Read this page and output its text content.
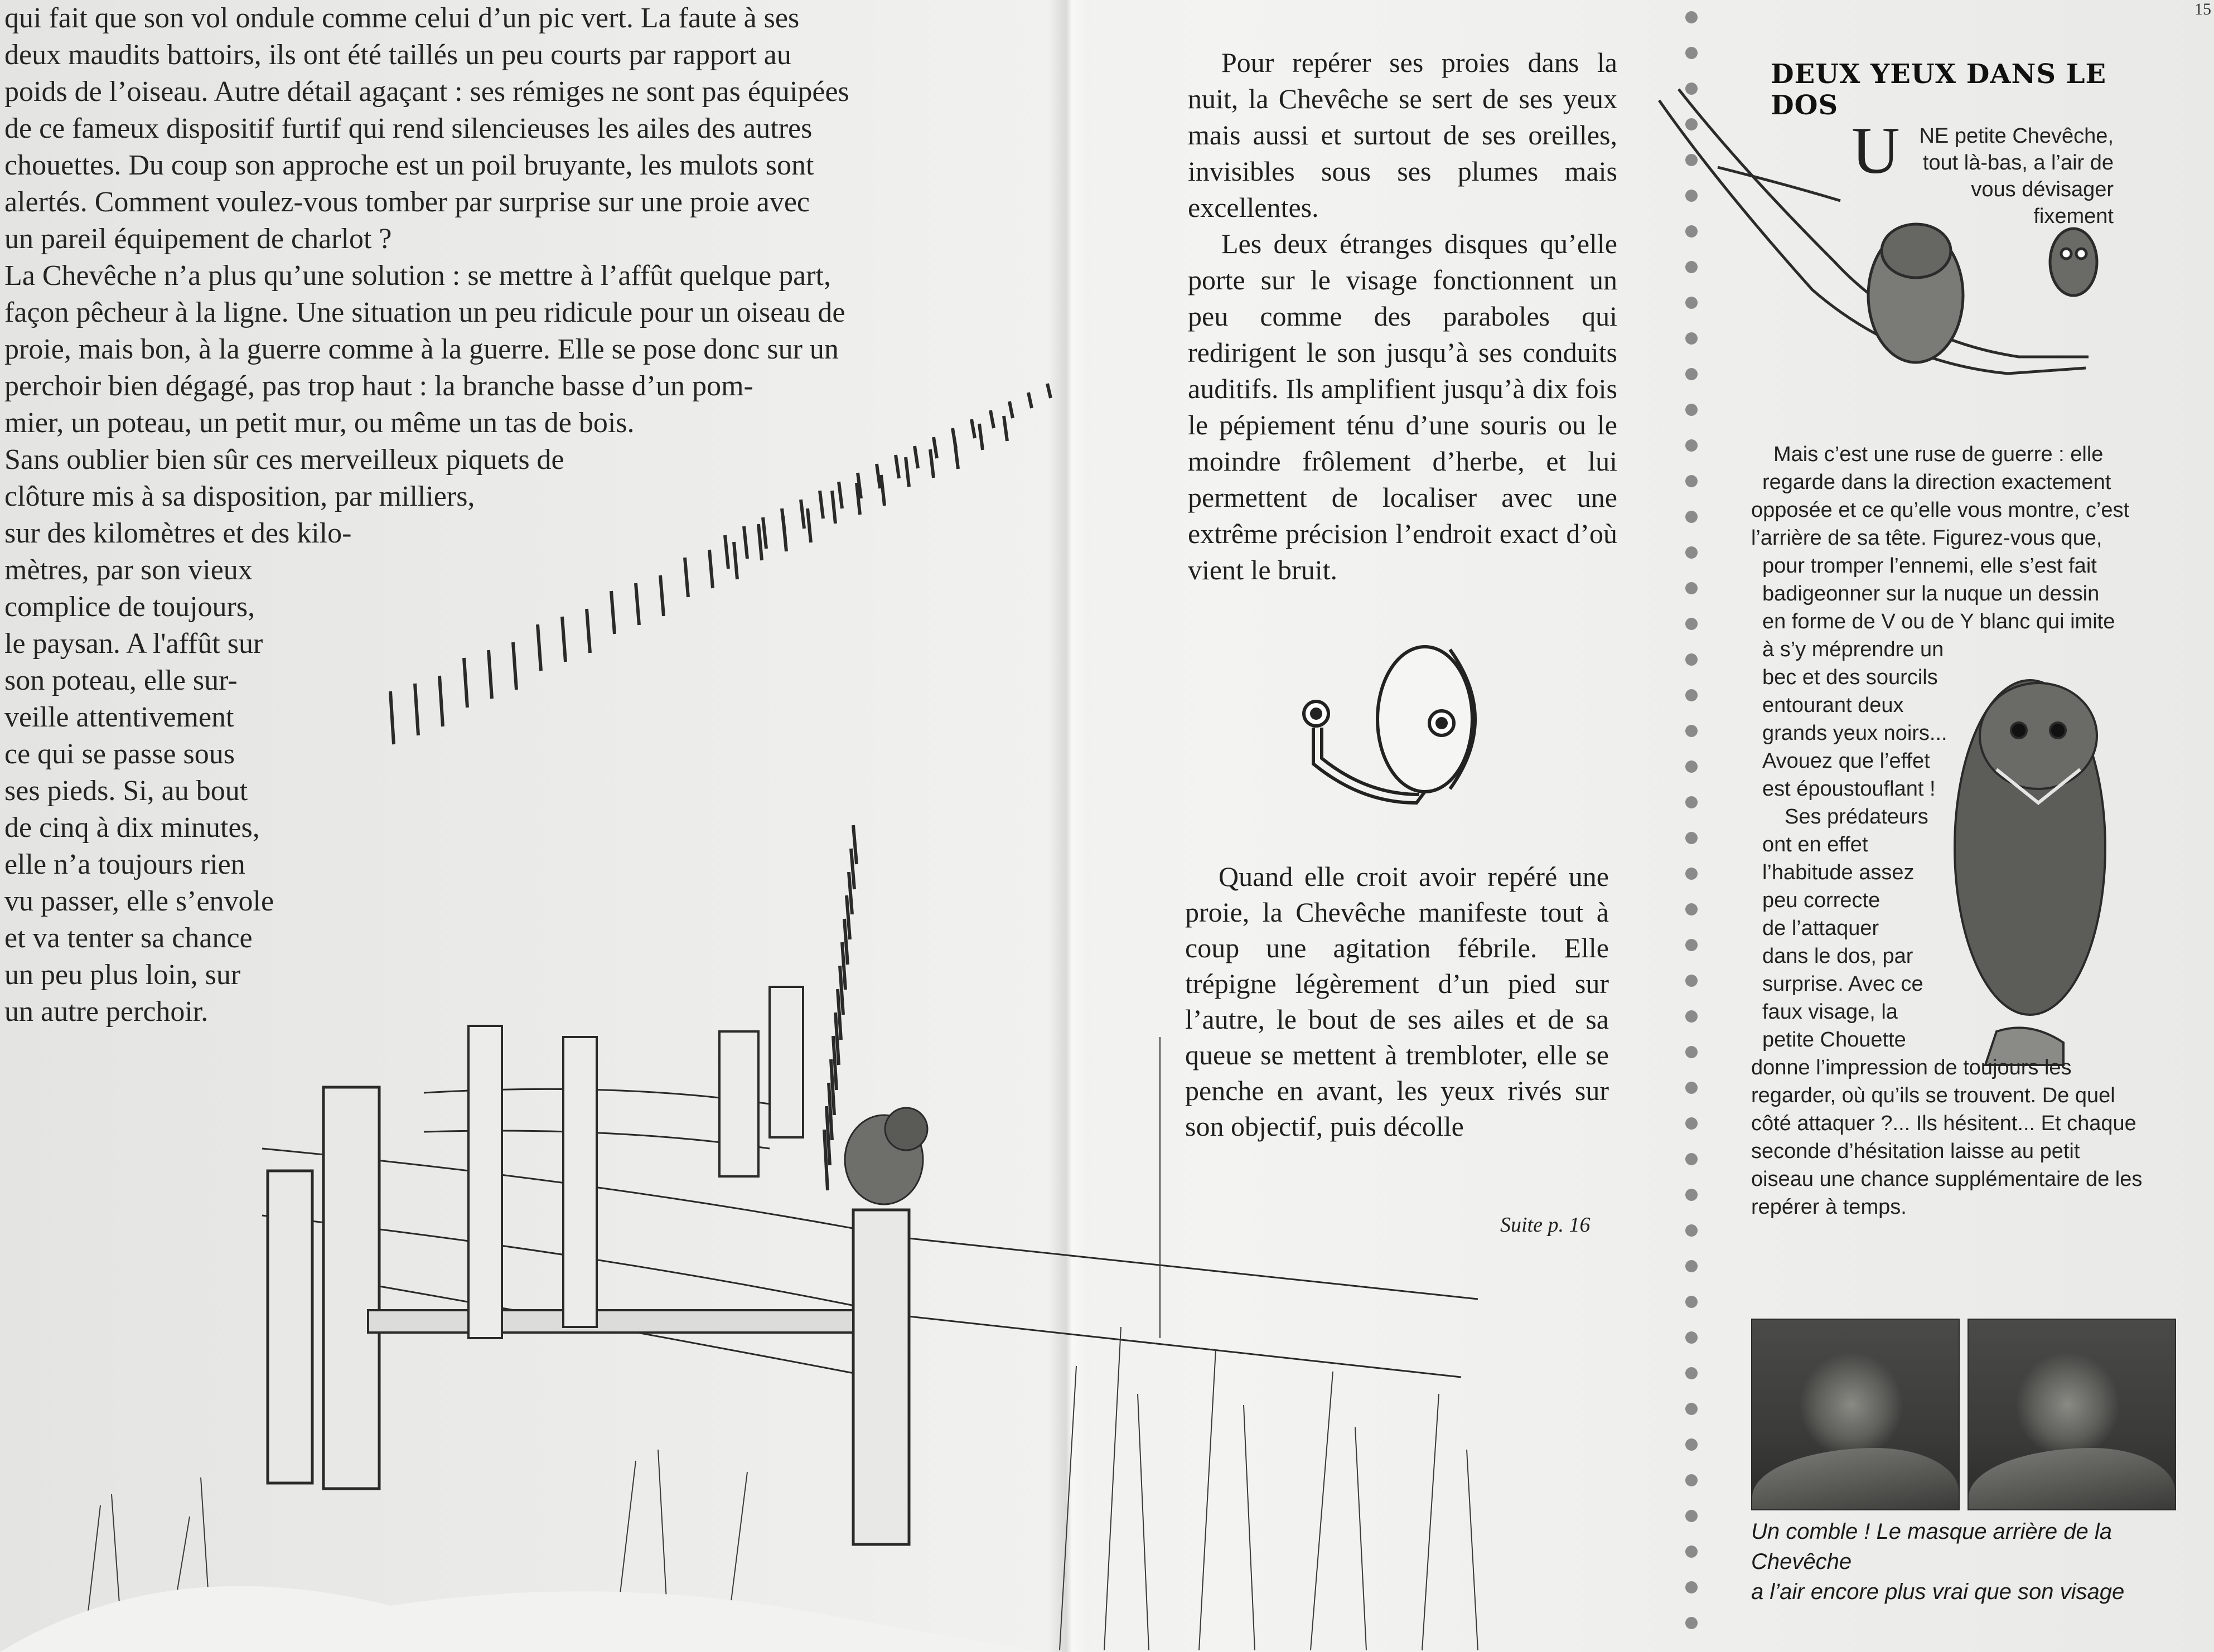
qui fait que son vol ondule comme celui d’un pic vert. La faute à ses

deux maudits battoirs, ils ont été taillés un peu courts par rapport au

poids de l’oiseau. Autre détail agaçant : ses rémiges ne sont pas équipées

de ce fameux dispositif furtif qui rend silencieuses les ailes des autres

chouettes. Du coup son approche est un poil bruyante, les mulots sont

alertés. Comment voulez-vous tomber par surprise sur une proie avec

un pareil équipement de charlot ?

La Chevêche n’a plus qu’une solution : se mettre à l’affût quelque part,

façon pêcheur à la ligne. Une situation un peu ridicule pour un oiseau de

proie, mais bon, à la guerre comme à la guerre. Elle se pose donc sur un

perchoir bien dégagé, pas trop haut : la branche basse d’un pom-

mier, un poteau, un petit mur, ou même un tas de bois.

Sans oublier bien sûr ces merveilleux piquets de

clôture mis à sa disposition, par milliers,

sur des kilomètres et des kilo-

mètres, par son vieux

complice de toujours,

le paysan. A l'affût sur

son poteau, elle sur-

veille attentivement

ce qui se passe sous

ses pieds. Si, au bout

de cinq à dix minutes,

elle n’a toujours rien

vu passer, elle s’envole

et va tenter sa chance

un peu plus loin, sur

un autre perchoir.

Pour repérer ses proies dans la nuit, la Chevêche se sert de ses yeux mais aussi et surtout de ses oreilles, invisibles sous ses plumes mais excellentes.

Les deux étranges disques qu’elle porte sur le visage fonctionnent un peu comme des paraboles qui redirigent le son jusqu’à ses conduits auditifs. Ils amplifient jusqu’à dix fois le pépiement ténu d’une souris ou le moindre frôlement d’herbe, et lui permettent de localiser avec une extrême précision l’endroit exact d’où vient le bruit.

Quand elle croit avoir repéré une proie, la Chevêche manifeste tout à coup une agitation fébrile. Elle trépigne légèrement d’un pied sur l’autre, le bout de ses ailes et de sa queue se mettent à trembloter, elle se penche en avant, les yeux rivés sur son objectif, puis décolle

Suite p. 16
15
DEUX YEUX DANS LE DOS
U NE petite Chevêche,
tout là-bas, a l’air de
vous dévisager fixement
Mais c’est une ruse de guerre : elle
regarde dans la direction exactement
opposée et ce qu’elle vous montre, c’est
l’arrière de sa tête. Figurez-vous que,
pour tromper l’ennemi, elle s’est fait
badigeonner sur la nuque un dessin
en forme de V ou de Y blanc qui imite
à s’y méprendre un
bec et des sourcils
entourant deux
grands yeux noirs...
Avouez que l’effet
est époustouflant !
Ses prédateurs
ont en effet
l’habitude assez
peu correcte
de l’attaquer
dans le dos, par
surprise. Avec ce
faux visage, la
petite Chouette
donne l’impression de toujours les
regarder, où qu’ils se trouvent. De quel
côté attaquer ?... Ils hésitent... Et chaque
seconde d’hésitation laisse au petit
oiseau une chance supplémentaire de les
repérer à temps.
Un comble ! Le masque arrière de la Chevêche
a l’air encore plus vrai que son visage
